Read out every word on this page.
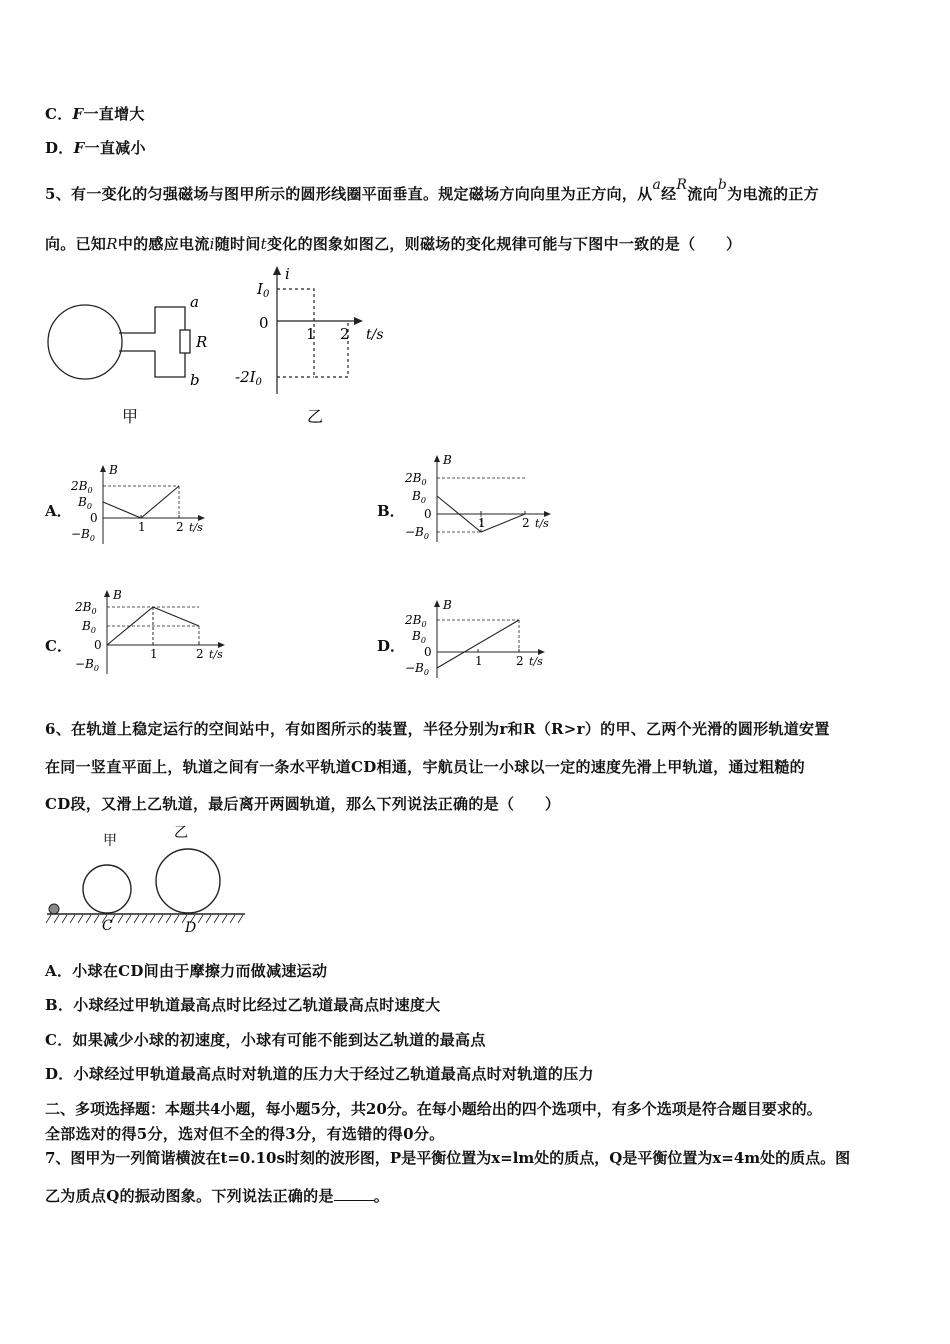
C．F一直增大
D．F一直减小
5、有一变化的匀强磁场与图甲所示的圆形线圈平面垂直。规定磁场方向向里为正方向，从a经R流向b为电流的正方
向。已知R中的感应电流i随时间t变化的图象如图乙，则磁场的变化规律可能与下图中一致的是（　　）
a
R
b
甲
i
$I_0$
0
$-2I_0$
1 2 t/s
乙
A．	B．
C．	D．
B
$2B_0$
$B_0$
0
$-B_0$
1	2 t/s
B
$2B_0$
$B_0$
0
$-B_0$
1	2 t/s
B
$2B_0$
$B_0$
0
$-B_0$
1	2 t/s
B
$2B_0$
$B_0$
0
$-B_0$
1	2 t/s
6、在轨道上稳定运行的空间站中，有如图所示的装置，半径分别为r和R（R>r）的甲、乙两个光滑的圆形轨道安置
在同一竖直平面上，轨道之间有一条水平轨道CD相通，宇航员让一小球以一定的速度先滑上甲轨道，通过粗糙的
CD段，又滑上乙轨道，最后离开两圆轨道，那么下列说法正确的是（　　）
甲	乙
C	D
A．小球在CD间由于摩擦力而做减速运动
B．小球经过甲轨道最高点时比经过乙轨道最高点时速度大
C．如果减少小球的初速度，小球有可能不能到达乙轨道的最高点
D．小球经过甲轨道最高点时对轨道的压力大于经过乙轨道最高点时对轨道的压力
二、多项选择题：本题共4小题，每小题5分，共20分。在每小题给出的四个选项中，有多个选项是符合题目要求的。
全部选对的得5分，选对但不全的得3分，有选错的得0分。
7、图甲为一列简谐横波在t=0.10s时刻的波形图，P是平衡位置为x=lm处的质点，Q是平衡位置为x=4m处的质点。图
乙为质点Q的振动图象。下列说法正确的是	。
